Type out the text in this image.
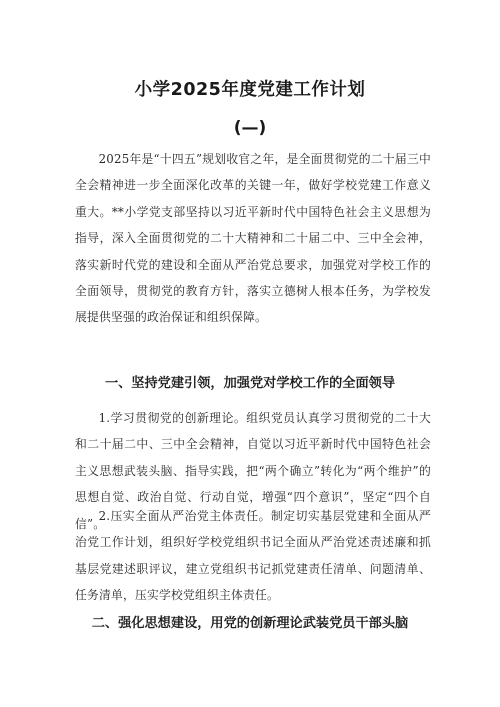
小学2025年度党建工作计划
(—)

2025年是“十四五”规划收官之年，是全面贯彻党的二十届三中全会精神进一步全面深化改革的关键一年，做好学校党建工作意义重大。**小学党支部坚持以习近平新时代中国特色社会主义思想为指导，深入全面贯彻党的二十大精神和二十届二中、三中全会神，落实新时代党的建设和全面从严治党总要求，加强党对学校工作的全面领导，贯彻党的教育方针，落实立德树人根本任务，为学校发展提供坚强的政治保证和组织保障。

一、坚持党建引领，加强党对学校工作的全面领导

1.学习贯彻党的创新理论。组织党员认真学习贯彻党的二十大和二十届二中、三中全会精神，自觉以习近平新时代中国特色社会主义思想武装头脑、指导实践，把“两个确立”转化为“两个维护”的思想自觉、政治自觉、行动自觉，增强“四个意识”，坚定“四个自信”。

2.压实全面从严治党主体责任。制定切实基层党建和全面从严治党工作计划，组织好学校党组织书记全面从严治党述责述廉和抓基层党建述职评议，建立党组织书记抓党建责任清单、问题清单、任务清单，压实学校党组织主体责任。

二、强化思想建设，用党的创新理论武装党员干部头脑
